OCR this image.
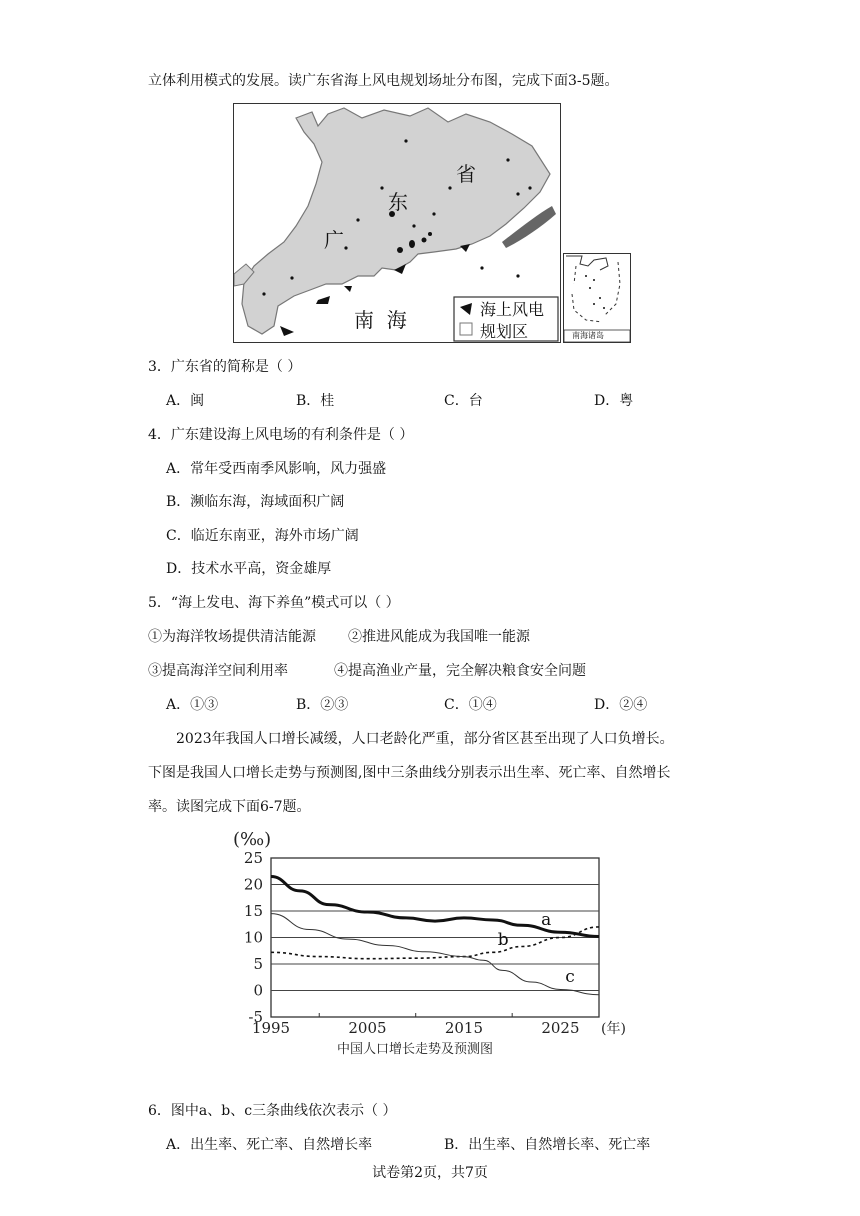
立体利用模式的发展。读广东省海上风电规划场址分布图，完成下面3-5题。
省
东
广
南  海	海上风电
规划区	南海诸岛
3．广东省的简称是（ ）
A．闽	B．桂	C．台	D．粤
4．广东建设海上风电场的有利条件是（ ）
A．常年受西南季风影响，风力强盛
B．濒临东海，海域面积广阔
C．临近东南亚，海外市场广阔
D．技术水平高，资金雄厚
5．“海上发电、海下养鱼”模式可以（ ）
①为海洋牧场提供清洁能源 ②推进风能成为我国唯一能源
③提高海洋空间利用率	④提高渔业产量，完全解决粮食安全问题
A．①③	B．②③	C．①④	D．②④
2023年我国人口增长减缓，人口老龄化严重，部分省区甚至出现了人口负增长。
下图是我国人口增长走势与预测图,图中三条曲线分别表示出生率、死亡率、自然增长
率。读图完成下面6-7题。
25
20
15
10
5
0
-5
1995	2005	2015	2025
(‰)
(年)
中国人口增长走势及预测图
a
b
c
6．图中a、b、c三条曲线依次表示（ ）
A．出生率、死亡率、自然增长率	B．出生率、自然增长率、死亡率
试卷第2页，共7页
